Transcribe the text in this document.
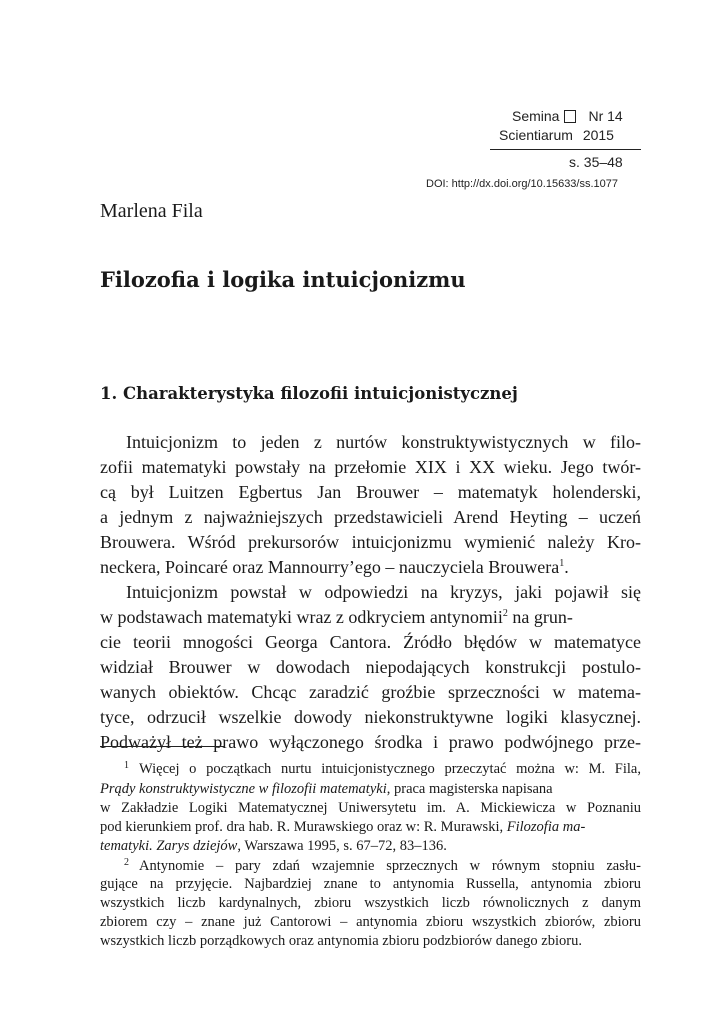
Semina Nr 14
Scientiarum 2015
s. 35–48
DOI: http://dx.doi.org/10.15633/ss.1077
Marlena Fila
Filozofia i logika intuicjonizmu
1. Charakterystyka filozofii intuicjonistycznej
Intuicjonizm to jeden z nurtów konstruktywistycznych w filo-
zofii matematyki powstały na przełomie XIX i XX wieku. Jego twór-
cą był Luitzen Egbertus Jan Brouwer – matematyk holenderski,
a jednym z najważniejszych przedstawicieli Arend Heyting – uczeń
Brouwera. Wśród prekursorów intuicjonizmu wymienić należy Kro-
neckera, Poincaré oraz Mannourry’ego – nauczyciela Brouwera$^1$.
Intuicjonizm powstał w odpowiedzi na kryzys, jaki pojawił się
w podstawach matematyki wraz z odkryciem antynomii$^2$ na grun-
cie teorii mnogości Georga Cantora. Źródło błędów w matematyce
widział Brouwer w dowodach niepodających konstrukcji postulo-
wanych obiektów. Chcąc zaradzić groźbie sprzeczności w matema-
tyce, odrzucił wszelkie dowody niekonstruktywne logiki klasycznej.
Podważył też prawo wyłączonego środka i prawo podwójnego prze-
$^1$ Więcej o początkach nurtu intuicjonistycznego przeczytać można w: M. Fila,
Prądy konstruktywistyczne w filozofii matematyki, praca magisterska napisana
w Zakładzie Logiki Matematycznej Uniwersytetu im. A. Mickiewicza w Poznaniu
pod kierunkiem prof. dra hab. R. Murawskiego oraz w: R. Murawski, Filozofia ma-
tematyki. Zarys dziejów, Warszawa 1995, s. 67–72, 83–136.
$^2$ Antynomie – pary zdań wzajemnie sprzecznych w równym stopniu zasłu-
gujące na przyjęcie. Najbardziej znane to antynomia Russella, antynomia zbioru
wszystkich liczb kardynalnych, zbioru wszystkich liczb równolicznych z danym
zbiorem czy – znane już Cantorowi – antynomia zbioru wszystkich zbiorów, zbioru
wszystkich liczb porządkowych oraz antynomia zbioru podzbiorów danego zbioru.
